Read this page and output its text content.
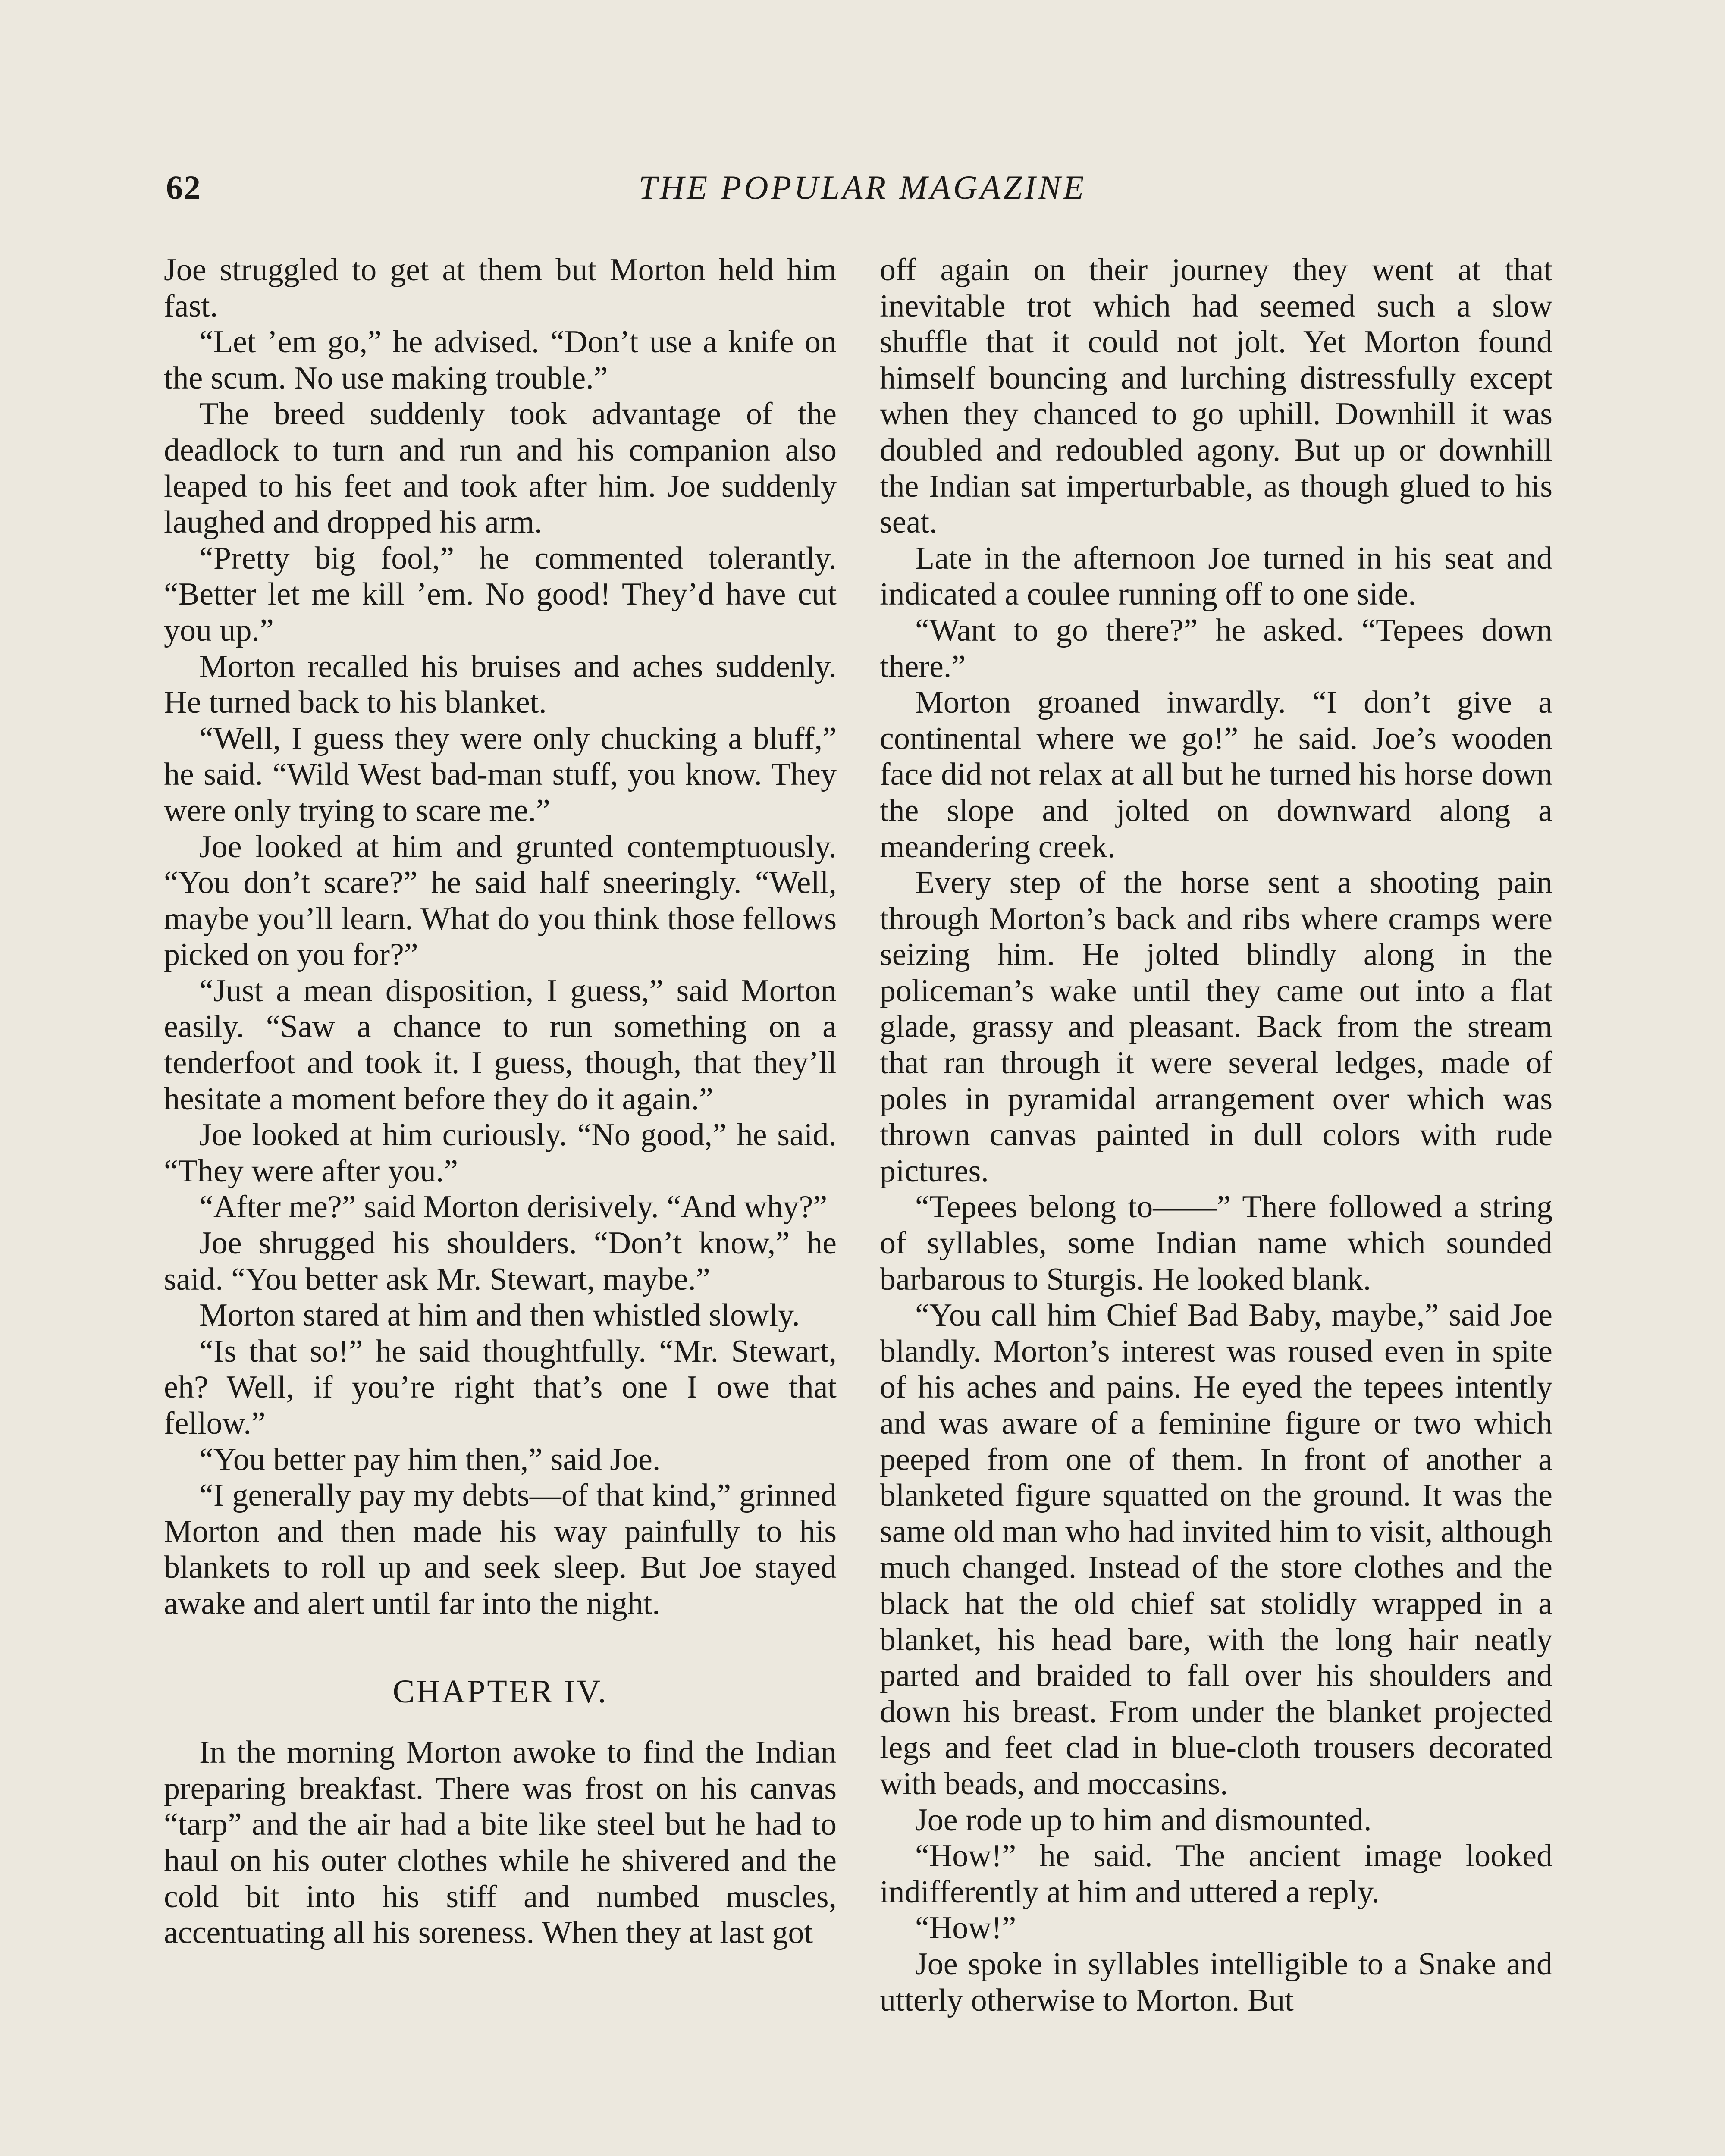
62	THE POPULAR MAGAZINE

Joe struggled to get at them but Morton held him fast.

“Let ’em go,” he advised. “Don’t use a knife on the scum. No use making trouble.”

The breed suddenly took advantage of the deadlock to turn and run and his companion also leaped to his feet and took after him. Joe suddenly laughed and dropped his arm.

“Pretty big fool,” he commented tolerantly. “Better let me kill ’em. No good! They’d have cut you up.”

Morton recalled his bruises and aches suddenly. He turned back to his blanket.

“Well, I guess they were only chucking a bluff,” he said. “Wild West bad-man stuff, you know. They were only trying to scare me.”

Joe looked at him and grunted contemptuously. “You don’t scare?” he said half sneeringly. “Well, maybe you’ll learn. What do you think those fellows picked on you for?”

“Just a mean disposition, I guess,” said Morton easily. “Saw a chance to run something on a tenderfoot and took it. I guess, though, that they’ll hesitate a moment before they do it again.”

Joe looked at him curiously. “No good,” he said. “They were after you.”

“After me?” said Morton derisively. “And why?”

Joe shrugged his shoulders. “Don’t know,” he said. “You better ask Mr. Stewart, maybe.”

Morton stared at him and then whistled slowly.

“Is that so!” he said thoughtfully. “Mr. Stewart, eh? Well, if you’re right that’s one I owe that fellow.”

“You better pay him then,” said Joe.

“I generally pay my debts—of that kind,” grinned Morton and then made his way painfully to his blankets to roll up and seek sleep. But Joe stayed awake and alert until far into the night.

CHAPTER IV.

In the morning Morton awoke to find the Indian preparing breakfast. There was frost on his canvas “tarp” and the air had a bite like steel but he had to haul on his outer clothes while he shivered and the cold bit into his stiff and numbed muscles, accentuating all his soreness. When they at last got

off again on their journey they went at that inevitable trot which had seemed such a slow shuffle that it could not jolt. Yet Morton found himself bouncing and lurching distressfully except when they chanced to go uphill. Downhill it was doubled and redoubled agony. But up or downhill the Indian sat imperturbable, as though glued to his seat.

Late in the afternoon Joe turned in his seat and indicated a coulee running off to one side.

“Want to go there?” he asked. “Tepees down there.”

Morton groaned inwardly. “I don’t give a continental where we go!” he said. Joe’s wooden face did not relax at all but he turned his horse down the slope and jolted on downward along a meandering creek.

Every step of the horse sent a shooting pain through Morton’s back and ribs where cramps were seizing him. He jolted blindly along in the policeman’s wake until they came out into a flat glade, grassy and pleasant. Back from the stream that ran through it were several ledges, made of poles in pyramidal arrangement over which was thrown canvas painted in dull colors with rude pictures.

“Tepees belong to——” There followed a string of syllables, some Indian name which sounded barbarous to Sturgis. He looked blank.

“You call him Chief Bad Baby, maybe,” said Joe blandly. Morton’s interest was roused even in spite of his aches and pains. He eyed the tepees intently and was aware of a feminine figure or two which peeped from one of them. In front of another a blanketed figure squatted on the ground. It was the same old man who had invited him to visit, although much changed. Instead of the store clothes and the black hat the old chief sat stolidly wrapped in a blanket, his head bare, with the long hair neatly parted and braided to fall over his shoulders and down his breast. From under the blanket projected legs and feet clad in blue-cloth trousers decorated with beads, and moccasins.

Joe rode up to him and dismounted.

“How!” he said. The ancient image looked indifferently at him and uttered a reply.

“How!”

Joe spoke in syllables intelligible to a Snake and utterly otherwise to Morton. But
